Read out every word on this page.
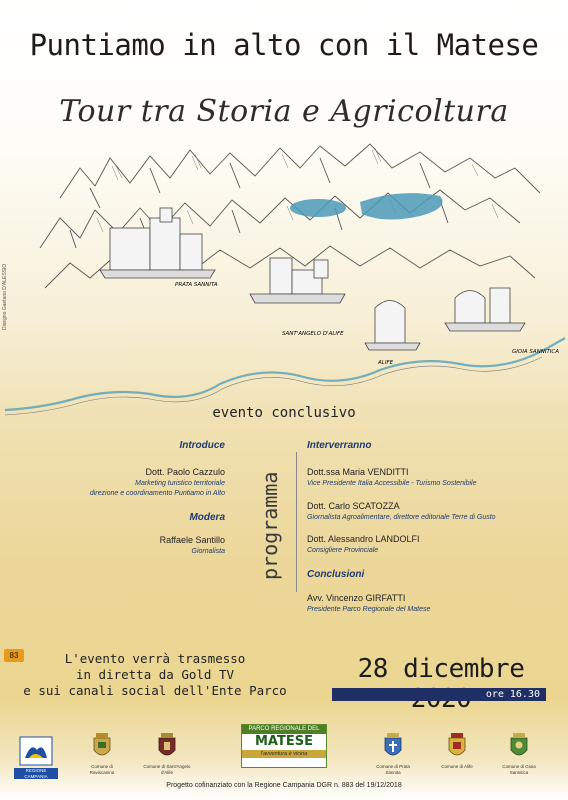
Puntiamo in alto con il Matese
Tour tra Storia e Agricoltura
PRATA SANNITA
SANT'ANGELO D'ALIFE
ALIFE
GIOIA SANNITICA
Disegno Gaetano D'ALESSIO
evento conclusivo
Introduce
Dott. Paolo Cazzulo
Marketing turistico territoriale
direzione e coordinamento Puntiamo in Alto
Modera
Raffaele Santillo
Giornalista programma
Interverranno
Dott.ssa Maria VENDITTI
Vice Presidente Italia Accessibile - Turismo Sostenibile
Dott. Carlo SCATOZZA
Giornalista Agroalimentare, direttore editoriale Terre di Gusto
Dott. Alessandro LANDOLFI
Consigliere Provinciale
Conclusioni
Avv. Vincenzo GIRFATTI
Presidente Parco Regionale del Matese
83	L'evento verrà trasmesso
in diretta da Gold TV
e sui canali social dell'Ente Parco
28 dicembre
ore 16.30
REGIONE CAMPANIA
Comune di Raviscanina
Comune di Sant'Angelo d'Alife
PARCO REGIONALE DEL
MATESE
l'avventura è vicina
Comune di Prata Sannita
Comune di Alife	Comune di Gioia Sannitica
Progetto cofinanziato con la Regione Campania DGR n. 883 del 19/12/2018
